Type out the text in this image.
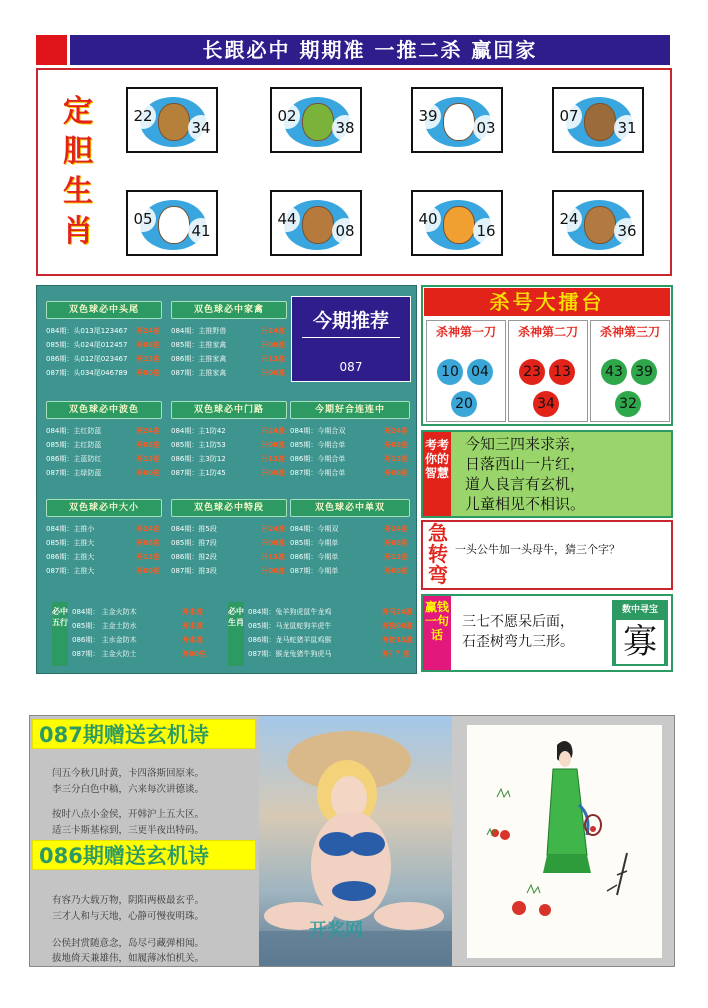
长跟必中 期期准 一推二杀 赢回家
定
胆
生
肖
22
34
02
38
39
03
07
31
05
41
44
08
40
16
24
36
双色球必中头尾
084期：头013尾123467 开24准
085期：头024尾012457 开08准
086期：头012尾023467 开13准
087期：头034尾046789 开00准
双色球必中家禽
084期：主推野兽	开24准
085期：主推家禽	开08准
086期：主推家禽	开13准
087期：主推家禽	开00准
双色球必中波色
084期：主红防蓝	开24准
085期：主红防蓝	开08准
086期：主蓝防红	开13准
087期：主绿防蓝	开00准
双色球必中门路
084期：主1防42	开24准
085期：主1防53	开08准
086期：主3防12	开13准
087期：主1防45	开00准
今期好合连连中
084期：今期合双	开24准
085期：今期合单	开08准
086期：今期合单	开13准
087期：今期合单	开00准
双色球必中大小
084期：主推小	开24准
085期：主推大	开08准
086期：主推大	开13准
087期：主推大	开00准
双色球必中特段
084期：推5段	开24准
085期：推7段	开08准
086期：推2段	开13准
087期：推3段	开00准
双色球必中单双
084期：今期双	开24准
085期：今期单	开08准
086期：今期单	开13准
087期：今期单	开00准
今期推荐
087
必中五行
084期： 主金火防木	开木准
085期： 主金土防水	开木准
086期： 主水金防木	开水准
087期： 主金火防土	开00准
必中生肖
084期：兔羊狗虎鼠牛龙鸡	开马24准
085期：马龙鼠蛇狗羊虎牛	开狗08准
086期：龙马蛇猪羊鼠鸡猴	开蛇13准
087期：猴龙兔猪牛狗虎马	开？？准
杀号大擂台
杀神第一刀
10 04
20
杀神第二刀
23 13
34
杀神第三刀
43 39
32
考考你的智慧
今知三四来求亲，
日落西山一片红，
道人良言有玄机，
儿童相见不相识。
急转弯
一头公牛加一头母牛，猜三个字？
赢钱一句话
三七不愿呆后面，
石歪树弯九三形。
数中寻宝
寡
087期赠送玄机诗
闫五今秋几时黄，卡四洛斯回原来。
李三分白色中稿，六来每次讲德谈。
按时八点小金侯，开韩沪上五大区。
适三卡斯基棕到，三更半夜出特码。
086期赠送玄机诗
有容乃大载万物，阴阳两极最玄乎。
三才人和与天地，心静可慢夜明珠。
公侯封赏随意念，岛尽弓藏弹相闻。
拔地倚天兼雄伟，如履薄冰怕机关。
开奖网
